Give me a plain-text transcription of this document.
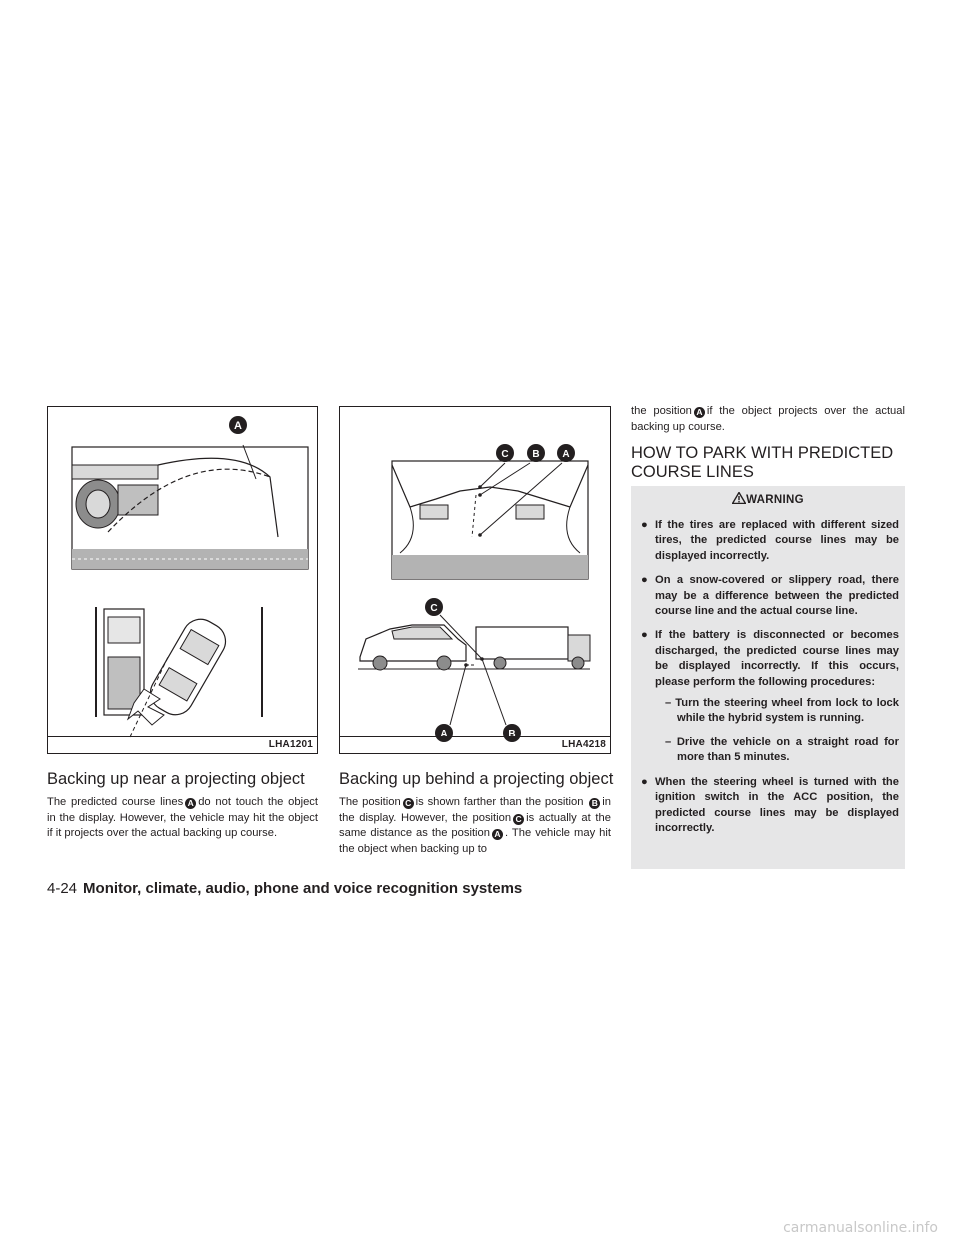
A
LHA1201
C B A
C
A	B
LHA4218
Backing up near a projecting object

The predicted course lines A do not touch the object in the display. However, the vehicle may hit the object if it projects over the actual backing up course.

Backing up behind a projecting object

The position C is shown farther than the position B in the display. However, the position C is actually at the same distance as the position A . The vehicle may hit the object when backing up to

the position A if the object projects over the actual backing up course.

HOW TO PARK WITH PREDICTED COURSE LINES
WARNING
● If the tires are replaced with different sized tires, the predicted course lines may be displayed incorrectly.
● On a snow-covered or slippery road, there may be a difference between the predicted course line and the actual course line.
● If the battery is disconnected or becomes discharged, the predicted course lines may be displayed incorrectly. If this occurs, please perform the following procedures:
– Turn the steering wheel from lock to lock while the hybrid system is running.
– Drive the vehicle on a straight road for more than 5 minutes.
● When the steering wheel is turned with the ignition switch in the ACC position, the predicted course lines may be displayed incorrectly.
4-24 Monitor, climate, audio, phone and voice recognition systems
carmanualsonline.info
